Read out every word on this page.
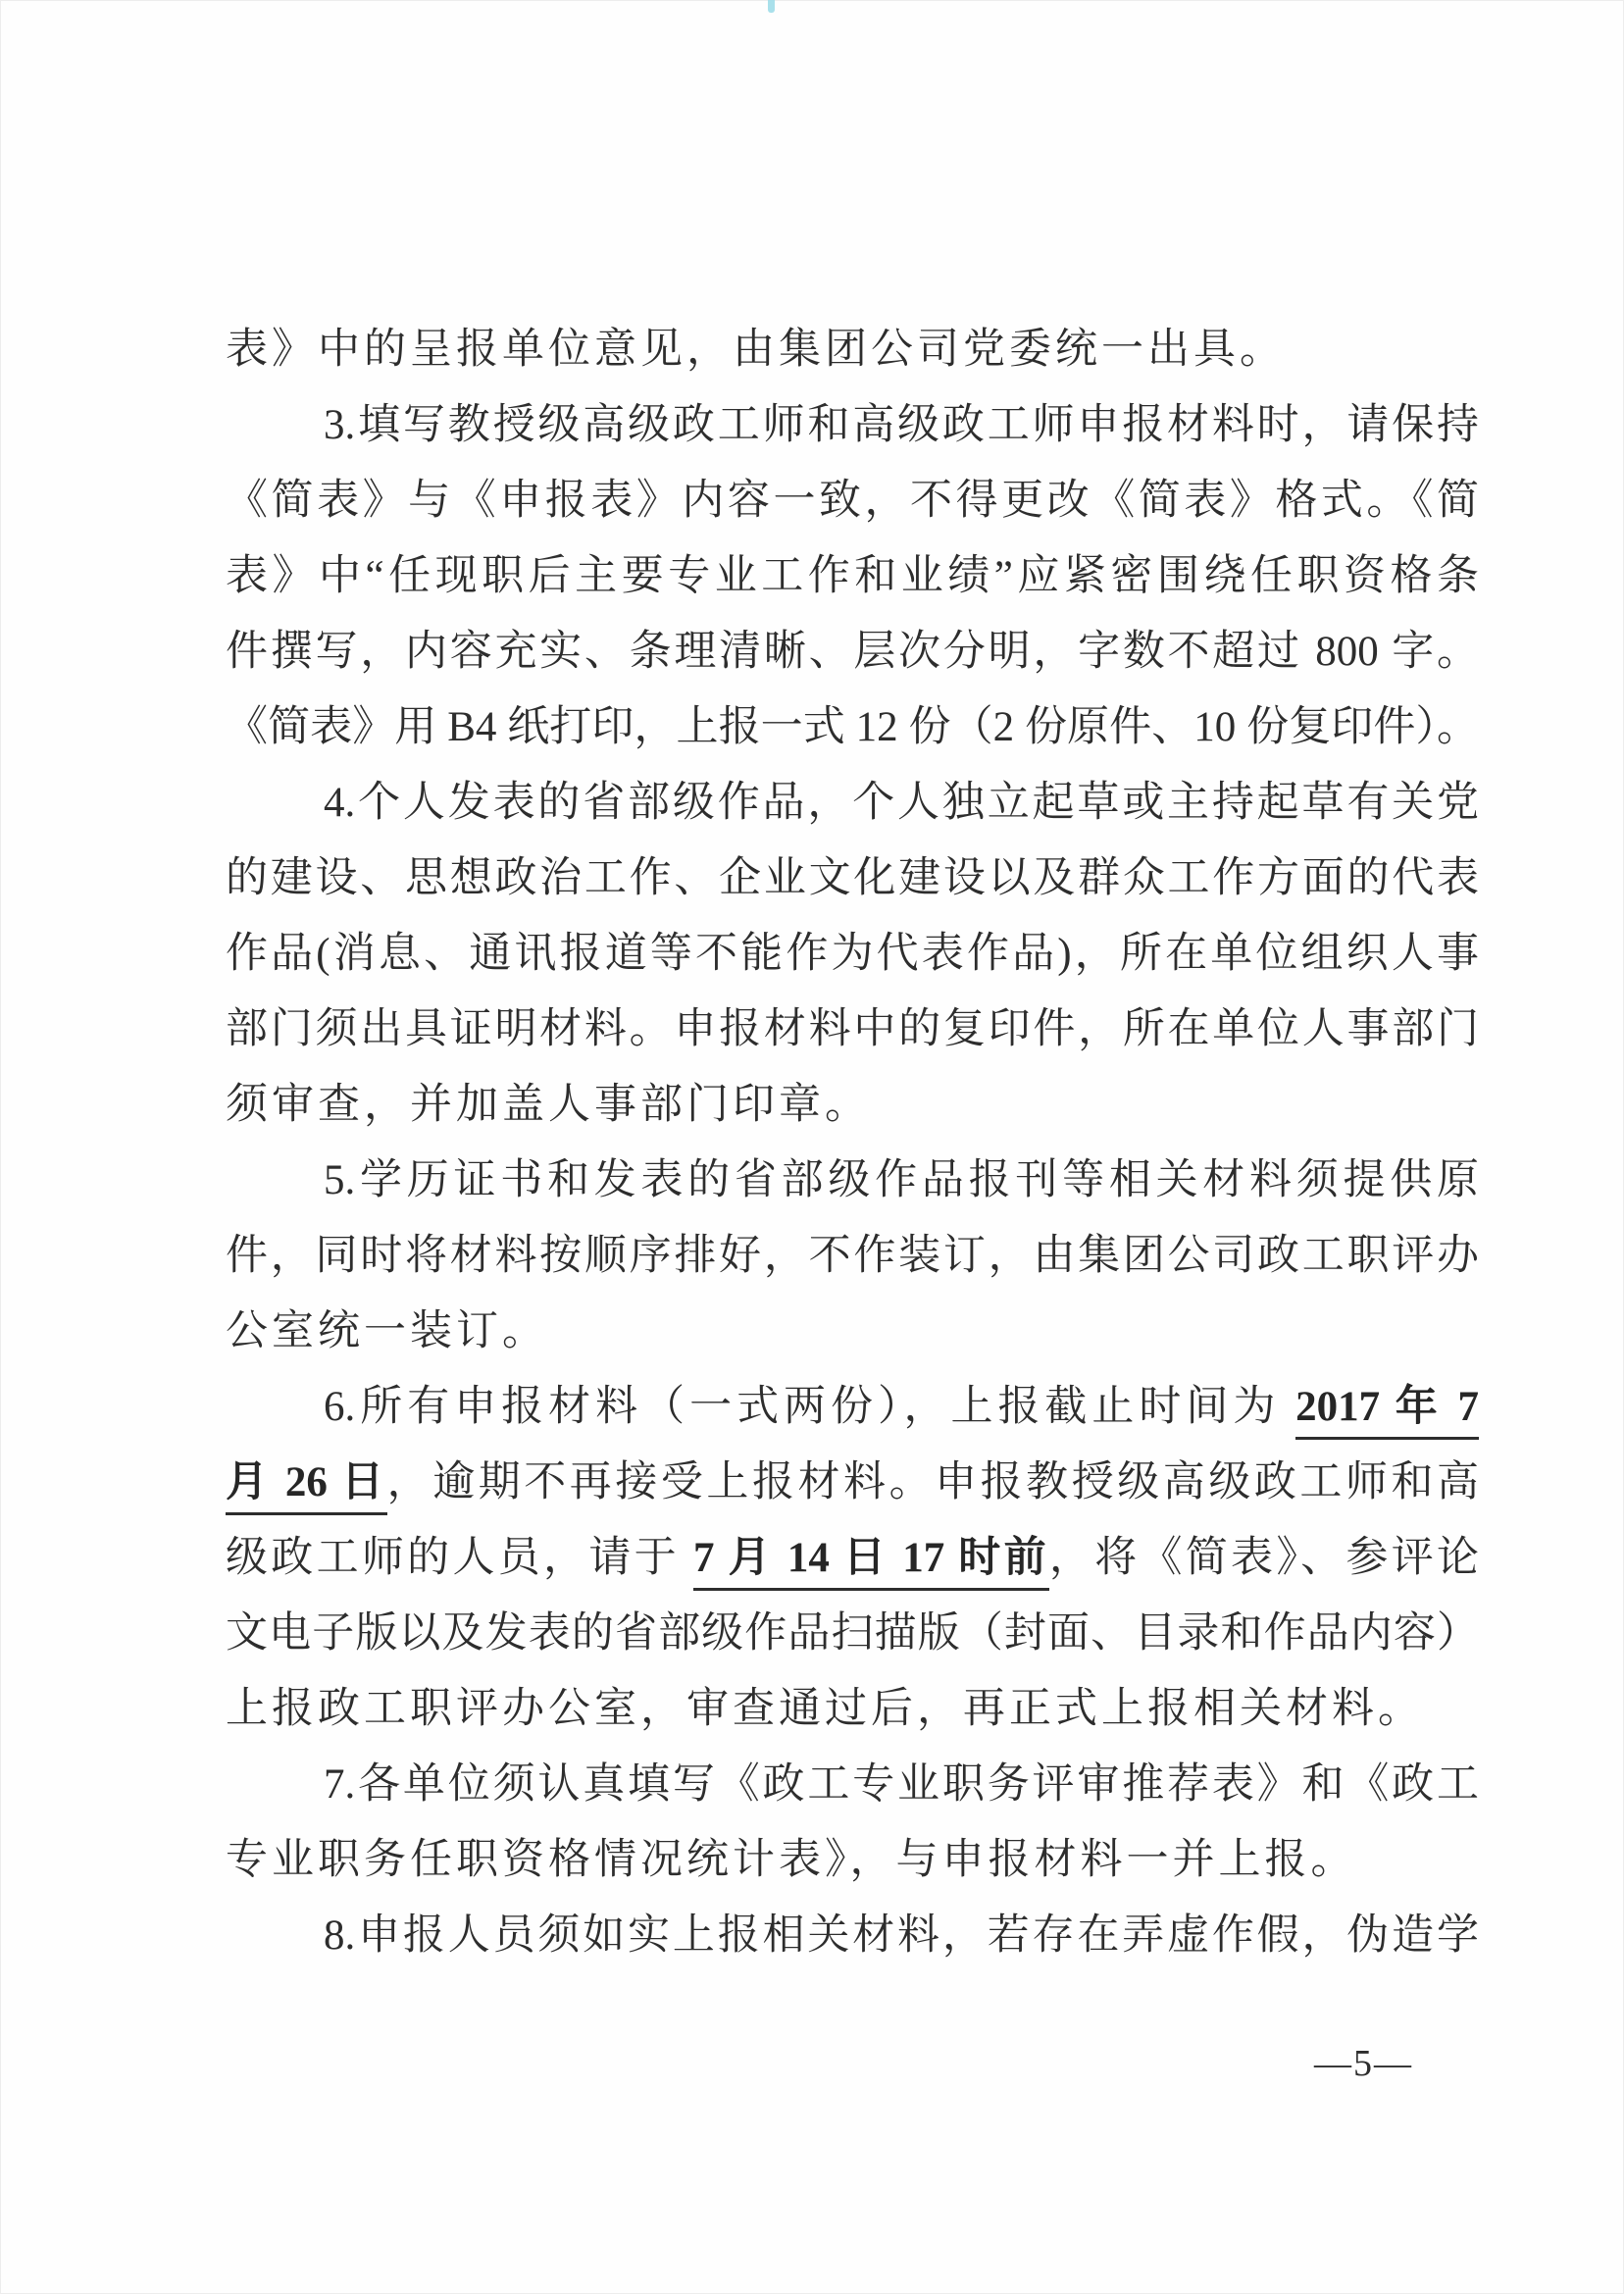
表》中的呈报单位意见，由集团公司党委统一出具。
3.填写教授级高级政工师和高级政工师申报材料时，请保持
《简表》与《申报表》内容一致，不得更改《简表》格式。《简
表》中“任现职后主要专业工作和业绩”应紧密围绕任职资格条
件撰写，内容充实、条理清晰、层次分明，字数不超过 800 字。
《简表》用 B4 纸打印，上报一式 12 份（2 份原件、10 份复印件）。
4.个人发表的省部级作品，个人独立起草或主持起草有关党
的建设、思想政治工作、企业文化建设以及群众工作方面的代表
作品(消息、通讯报道等不能作为代表作品)，所在单位组织人事
部门须出具证明材料。申报材料中的复印件，所在单位人事部门
须审查，并加盖人事部门印章。
5.学历证书和发表的省部级作品报刊等相关材料须提供原
件，同时将材料按顺序排好，不作装订，由集团公司政工职评办
公室统一装订。
6.所有申报材料（一式两份），上报截止时间为 2017 年 7
月 26 日，逾期不再接受上报材料。申报教授级高级政工师和高
级政工师的人员，请于 7 月 14 日 17 时前，将《简表》、参评论
文电子版以及发表的省部级作品扫描版（封面、目录和作品内容）
上报政工职评办公室，审查通过后，再正式上报相关材料。
7.各单位须认真填写《政工专业职务评审推荐表》和《政工
专业职务任职资格情况统计表》，与申报材料一并上报。
8.申报人员须如实上报相关材料，若存在弄虚作假，伪造学
—5—
